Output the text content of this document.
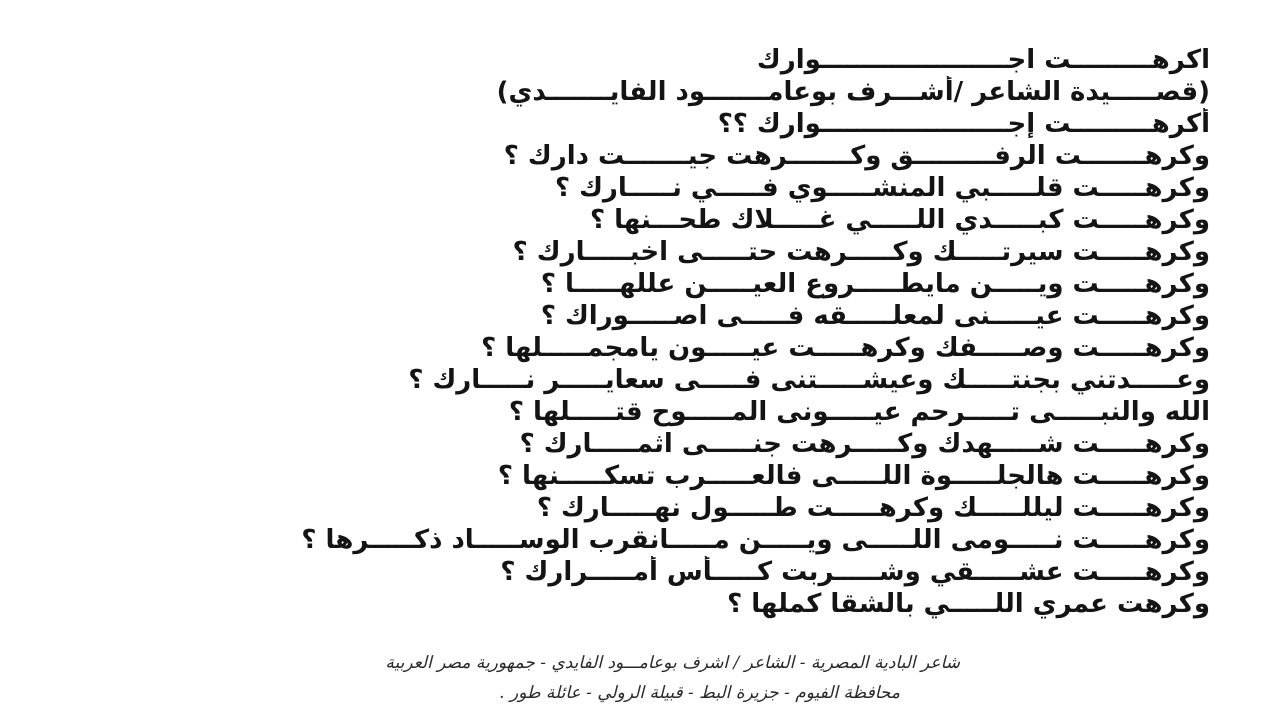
اكرهـــــــــت اجـــــــــــــــــــــوارك
(قصـــــيدة الشاعر /أشـــرف بوعامـــــــود الفايـــــــدي)
أكرهـــــــــت إجـــــــــــــــــــــوارك ؟؟
وكرهـــــــت الرفـــــــــق وكـــــــرهت جيـــــــت دارك ؟
وكرهـــــت قلـــــبي المنشـــــوي فـــــي نـــــارك ؟
وكرهـــــت كبـــــدي اللـــــي غـــــلاك طحـــنها ؟
وكرهـــــت سيرتـــــك وكـــــرهت حتـــــى اخبـــــارك ؟
وكرهـــــت ويـــــن مايطـــــروع العيـــــن عللهـــــا ؟
وكرهـــــت عيـــــنى لمعلـــــقه فـــــى اصـــــوراك ؟
وكرهـــــت وصـــــفك وكرهـــــت عيـــــون يامجمـــــلها ؟
وعـــــدتني بجنتـــــك وعيشـــــتنى فـــــى سعايـــــر نـــــارك ؟
الله والنبـــــى تـــــرحم عيـــــونى المـــــوح قتـــــلها ؟
وكرهـــــت شـــــهدك وكـــــرهت جنـــــى اثمـــــارك ؟
وكرهـــــت هالجلـــــوة اللـــــى فالعـــــرب تسكـــــنها ؟
وكرهـــــت ليللـــــك وكرهـــــت طـــــول نهـــــارك ؟
وكرهـــــت نـــــومى اللـــــى ويـــــن مـــــانقرب الوســـــاد ذكـــــرها ؟
وكرهـــــت عشـــــقي وشـــــربت كـــــأس أمـــــرارك ؟
وكرهت عمري اللـــــي بالشقا كملها ؟
شاعر البادية المصرية - الشاعر / اشرف بوعامـــود الفايدي - جمهورية مصر العربية
محافظة الفيوم - جزيرة البط - قبيلة الرولي - عائلة طور .
